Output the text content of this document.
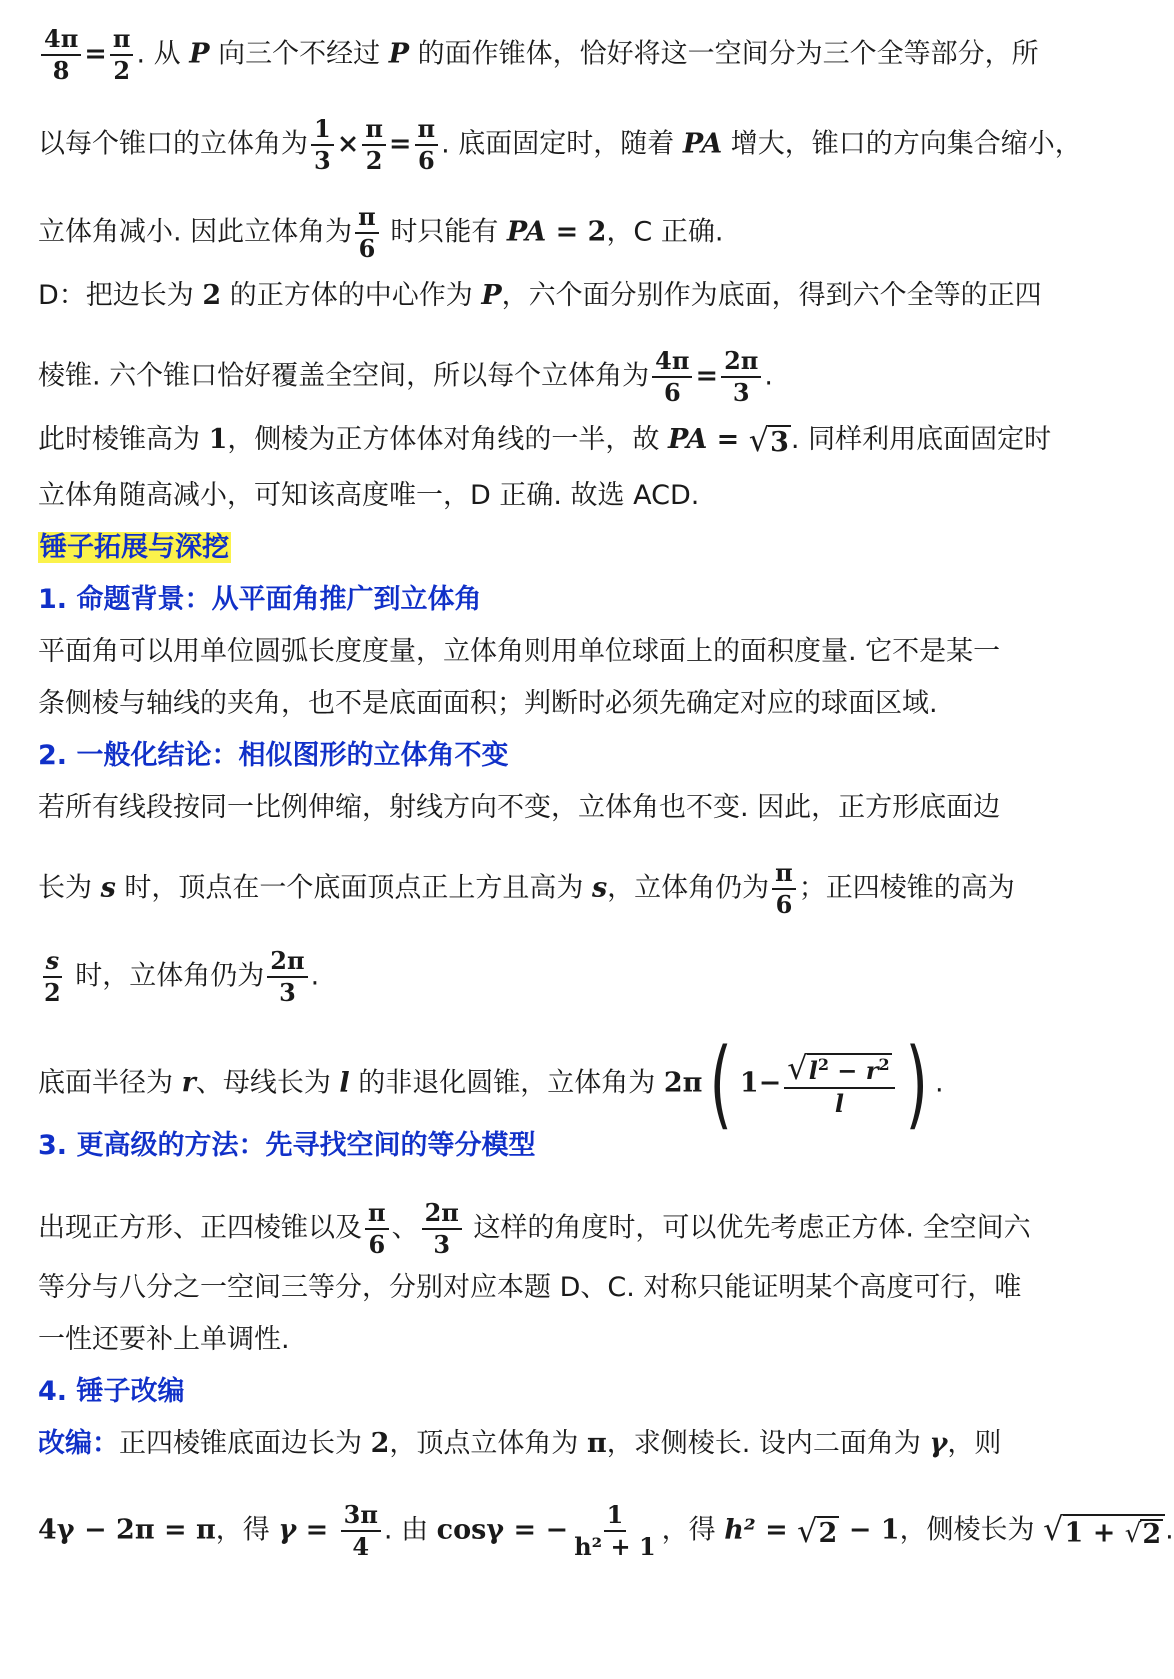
$\frac{4\pi}{8} = \frac{\pi}{2}$ . 从 P 向三个不经过 P 的面作锥体，恰好将这一空间分为三个全等部分，所
以每个锥口的立体角为 $\frac{1}{3} \times \frac{\pi}{2} = \frac{\pi}{6}$ . 底面固定时，随着 PA 增大，锥口的方向集合缩小，
立体角减小. 因此立体角为 $\frac{\pi}{6}$ 时只能有 PA = 2，C 正确.
D：把边长为 2 的正方体的中心作为 P，六个面分别作为底面，得到六个全等的正四
棱锥. 六个锥口恰好覆盖全空间，所以每个立体角为 $\frac{4\pi}{6} = \frac{2\pi}{3}$ .
此时棱锥高为 1，侧棱为正方体体对角线的一半，故 PA = √ 3 . 同样利用底面固定时
立体角随高减小，可知该高度唯一，D 正确. 故选 ACD.
锤子拓展与深挖
1. 命题背景：从平面角推广到立体角
平面角可以用单位圆弧长度度量，立体角则用单位球面上的面积度量. 它不是某一
条侧棱与轴线的夹角，也不是底面面积；判断时必须先确定对应的球面区域.
2. 一般化结论：相似图形的立体角不变
若所有线段按同一比例伸缩，射线方向不变，立体角也不变. 因此，正方形底面边
长为 s 时，顶点在一个底面顶点正上方且高为 s，立体角仍为 $\frac{\pi}{6}$ ；正四棱锥的高为
$\frac{s}{2}$ 时，立体角仍为 $\frac{2\pi}{3}$ .
底面半径为 r、母线长为 l 的非退化圆锥，立体角为 2π( $1- \frac{√ l^2 - r^2}{l}$ ) .
3. 更高级的方法：先寻找空间的等分模型
出现正方形、正四棱锥以及 $\frac{\pi}{6}$ 、 $\frac{2\pi}{3}$ 这样的角度时，可以优先考虑正方体. 全空间六
等分与八分之一空间三等分，分别对应本题 D、C. 对称只能证明某个高度可行，唯
一性还要补上单调性.
4. 锤子改编
改编：正四棱锥底面边长为 2，顶点立体角为 π，求侧棱长. 设内二面角为 γ，则
4γ − 2π = π，得 $\gamma = \frac{3\pi}{4}$ . 由 cosγ = − $\frac{1}{\text{h² + 1}}$ ，得 h² = √ 2 − 1，侧棱长为 √ 1 + √ 2 .
